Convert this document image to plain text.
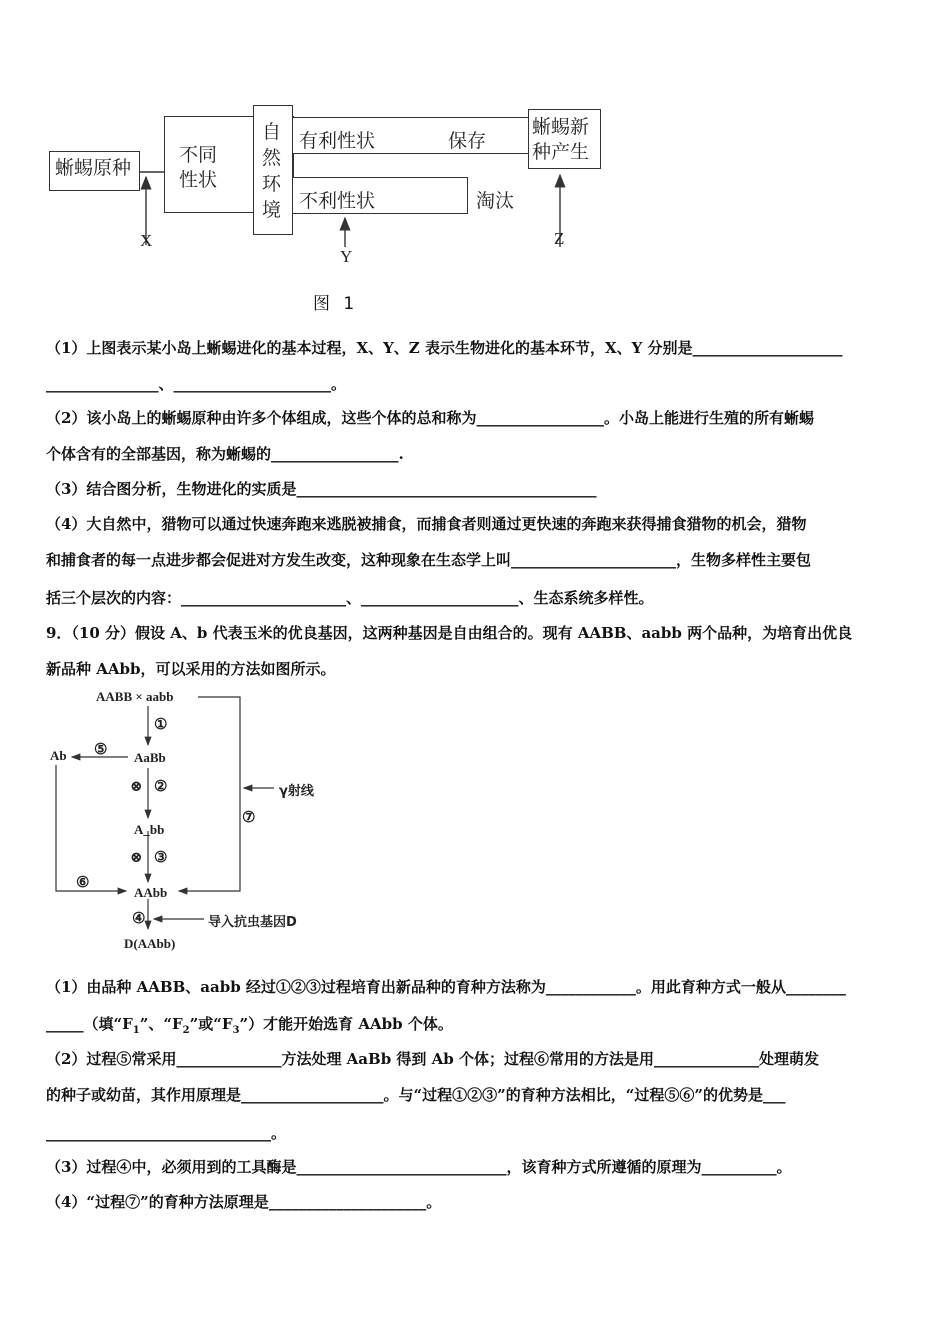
蜥蜴原种
不同
性状
自
然
环
境
有利性状	保存
不利性状	淘汰
蜥蜴新
种产生
X
Y
Z
图 1
（1）上图表示某小岛上蜥蜴进化的基本过程，X、Y、Z 表示生物进化的基本环节，X、Y 分别是____________________
_______________、_____________________。
（2）该小岛上的蜥蜴原种由许多个体组成，这些个体的总和称为_________________。小岛上能进行生殖的所有蜥蜴
个体含有的全部基因，称为蜥蜴的_________________.
（3）结合图分析，生物进化的实质是________________________________________
（4）大自然中，猎物可以通过快速奔跑来逃脱被捕食，而捕食者则通过更快速的奔跑来获得捕食猎物的机会，猎物
和捕食者的每一点进步都会促进对方发生改变，这种现象在生态学上叫______________________，生物多样性主要包
括三个层次的内容：______________________、_____________________、生态系统多样性。
9．（10 分）假设 A、b 代表玉米的优良基因，这两种基因是自由组合的。现有 AABB、aabb 两个品种，为培育出优良
新品种 AAbb，可以采用的方法如图所示。
AABB × aabb
①
Ab ⑤ AaBb
⊗ ②	γ射线
⑦
A_bb
⊗ ③
⑥
AAbb
④	导入抗虫基因D
D(AAbb)
（1）由品种 AABB、aabb 经过①②③过程培育出新品种的育种方法称为____________。用此育种方式一般从________
_____（填“$F_1$”、“$F_2$”或“$F_3$”）才能开始选育 AAbb 个体。
（2）过程⑤常采用______________方法处理 AaBb 得到 Ab 个体；过程⑥常用的方法是用______________处理萌发
的种子或幼苗，其作用原理是___________________。与“过程①②③”的育种方法相比，“过程⑤⑥”的优势是___
______________________________。
（3）过程④中，必须用到的工具酶是____________________________，该育种方式所遵循的原理为__________。
（4）“过程⑦”的育种方法原理是_____________________。
